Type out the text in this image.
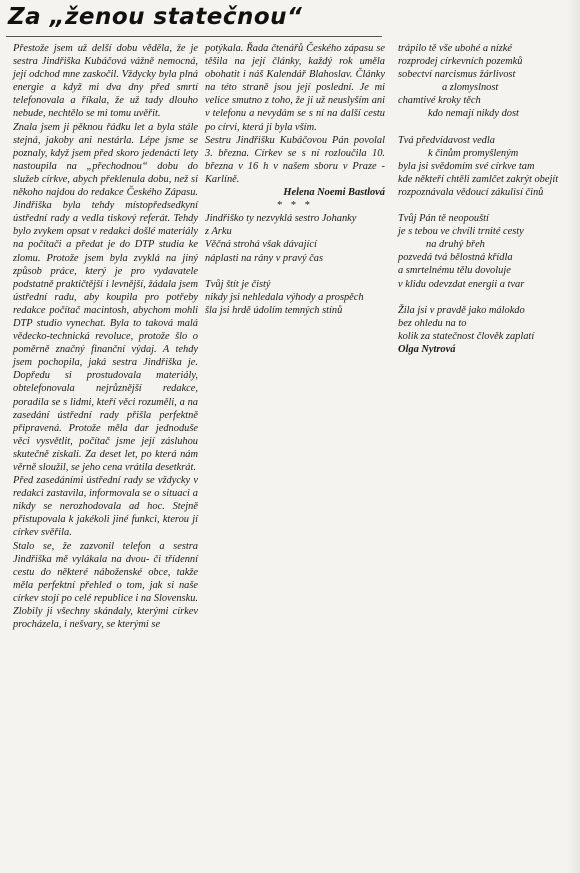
Za „ženou statečnou“

Přestože jsem už delší dobu věděla, že je sestra Jindřiška Kubáčová vážně nemocná, její odchod mne zaskočil. Vždycky byla plná energie a když mi dva dny před smrtí telefonovala a říkala, že už tady dlouho nebude, nechtělo se mi tomu uvěřit.

Znala jsem ji pěknou řádku let a byla stále stejná, jakoby ani nestárla. Lépe jsme se poznaly, když jsem před skoro jedenácti lety nastoupila na „přechodnou“ dobu do služeb církve, abych překlenula dobu, než si někoho najdou do redakce Českého Zápasu. Jindřiška byla tehdy místopředsedkyní ústřední rady a vedla tiskový referát. Tehdy bylo zvykem opsat v redakci došlé materiály na počítači a předat je do DTP studia ke zlomu. Protože jsem byla zvyklá na jiný způsob práce, který je pro vydavatele podstatně praktičtější i levnější, žádala jsem ústřední radu, aby koupila pro potřeby redakce počítač macintosh, abychom mohli DTP studio vynechat. Byla to taková malá vědecko-technická revoluce, protože šlo o poměrně značný finanční výdaj. A tehdy jsem pochopila, jaká sestra Jindřiška je. Dopředu si prostudovala materiály, obtelefonovala nejrůznější redakce, poradila se s lidmi, kteří věci rozuměli, a na zasedání ústřední rady přišla perfektně připravená. Protože měla dar jednoduše věci vysvětlit, počítač jsme její zásluhou skutečně získali. Za deset let, po která nám věrně sloužil, se jeho cena vrátila desetkrát.

Před zasedáními ústřední rady se vždycky v redakci zastavila, informovala se o situaci a nikdy se nerozhodovala ad hoc. Stejně přistupovala k jakékoli jiné funkci, kterou jí církev svěřila.

Stalo se, že zazvonil telefon a sestra Jindřiška mě vylákala na dvou- či třídenní cestu do některé náboženské obce, takže měla perfektní přehled o tom, jak si naše církev stojí po celé republice i na Slovensku. Zlobily ji všechny skándaly, kterými církev procházela, i nešvary, se kterými se

potýkala. Řada čtenářů Českého zápasu se těšila na její články, každý rok uměla obohatit i náš Kalendář Blahoslav. Články na této straně jsou její poslední. Je mi velice smutno z toho, že ji už neuslyším ani v telefonu a nevydám se s ní na další cestu po círvi, která ji byla vším.

Sestru Jindřišku Kubáčovou Pán povolal 3. března. Církev se s ní rozloučila 10. března v 16 h v našem sboru v Praze - Karlíně.

Helena Noemi Bastlová

* * *

Jindřiško ty nezvyklá sestro Johanky

z Arku

Věčná strohá však dávající

náplasti na rány v pravý čas

Tvůj štít je čistý

nikdy jsi nehledala výhody a prospěch

šla jsi hrdě údolím temných stínů

trápilo tě vše ubohé a nízké

rozprodej církevních pozemků

sobectví narcismus žárlivost

a zlomyslnost

chamtivé kroky těch

kdo nemají nikdy dost

Tvá předvídavost vedla

k činům promyšleným

byla jsi svědomím své církve tam

kde někteří chtěli zamlčet zakrýt obejít

rozpoznávala vědoucí zákulisí činů

Tvůj Pán tě neopouští

je s tebou ve chvíli trnité cesty

na druhý břeh

pozvedá tvá bělostná křídla

a smrtelnému tělu dovoluje

v klidu odevzdat energii a tvar

Žila jsi v pravdě jako málokdo

bez ohledu na to

kolik za statečnost člověk zaplatí

Olga Nytrová
